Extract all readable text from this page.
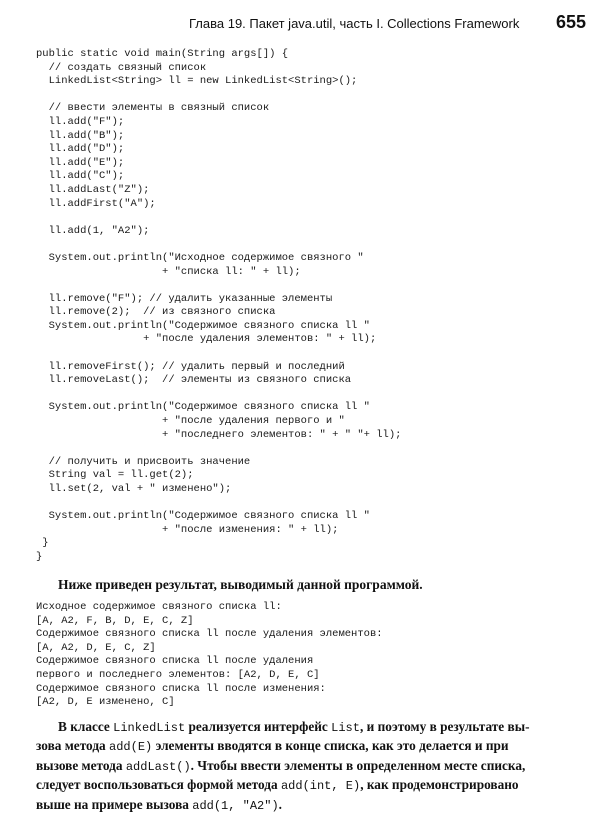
Глава 19. Пакет java.util, часть I. Collections Framework	655
public static void main(String args[]) {
// создать связный список
LinkedList<String> ll = new LinkedList<String>();
// ввести элементы в связный список
ll.add("F");
ll.add("B");
ll.add("D");
ll.add("E");
ll.add("C");
ll.addLast("Z");
ll.addFirst("A");
ll.add(1, "A2");
System.out.println("Исходное содержимое связного "
+ "списка ll: " + ll);
ll.remove("F"); // удалить указанные элементы
ll.remove(2);  // из связного списка
System.out.println("Содержимое связного списка ll "
+ "после удаления элементов: " + ll);
ll.removeFirst(); // удалить первый и последний
ll.removeLast();  // элементы из связного списка
System.out.println("Содержимое связного списка ll "
+ "после удаления первого и "
+ "последнего элементов: " + " "+ ll);
// получить и присвоить значение
String val = ll.get(2);
ll.set(2, val + " изменено");
System.out.println("Содержимое связного списка ll "
+ "после изменения: " + ll);
}
}
Ниже приведен результат, выводимый данной программой.
Исходное содержимое связного списка ll:
[A, A2, F, B, D, E, C, Z]
Содержимое связного списка ll после удаления элементов:
[A, A2, D, E, C, Z]
Содержимое связного списка ll после удаления
первого и последнего элементов: [A2, D, E, C]
Содержимое связного списка ll после изменения:
[A2, D, E изменено, C]
В классе LinkedList реализуется интерфейс List, и поэтому в результате вы-
зова метода add(E) элементы вводятся в конце списка, как это делается и при
вызове метода addLast(). Чтобы ввести элементы в определенном месте списка,
следует воспользоваться формой метода add(int, E), как продемонстрировано
выше на примере вызова add(1, "A2").
